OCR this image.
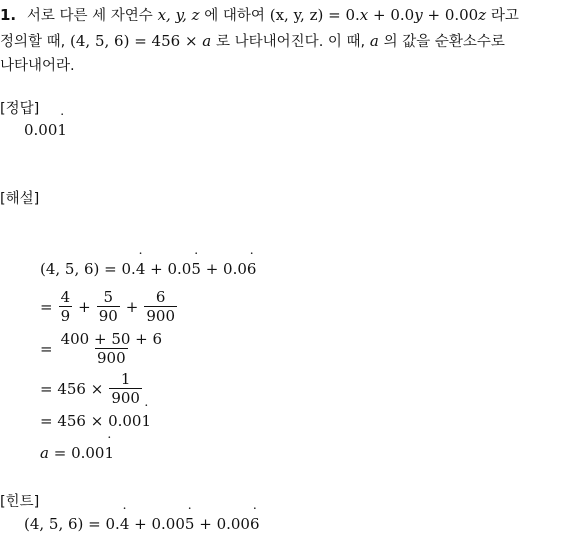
1. 서로 다른 세 자연수 x, y, z 에 대하여 (x, y, z) = 0.˙ x + 0.0˙ y + 0.00˙ z 라고
정의할 때, (4, 5, 6) = 456 × a 로 나타내어진다. 이 때, a 의 값을 순환소수로
나타내어라.
[정답]
0.00˙ 1
[해설]
(4, 5, 6) = 0.˙ 4 + 0.0˙ 5 + 0.0˙ 6
= $\frac{4}{9} + \frac{5}{90} + \frac{6}{900}$
= $\frac{400 + 50 + 6}{900}$
= $456 \times \frac{1}{900}$
= 456 × 0.00˙ 1
a = 0.00˙ 1
[힌트]
(4, 5, 6) = 0.˙ 4 + 0.00˙ 5 + 0.00˙ 6
